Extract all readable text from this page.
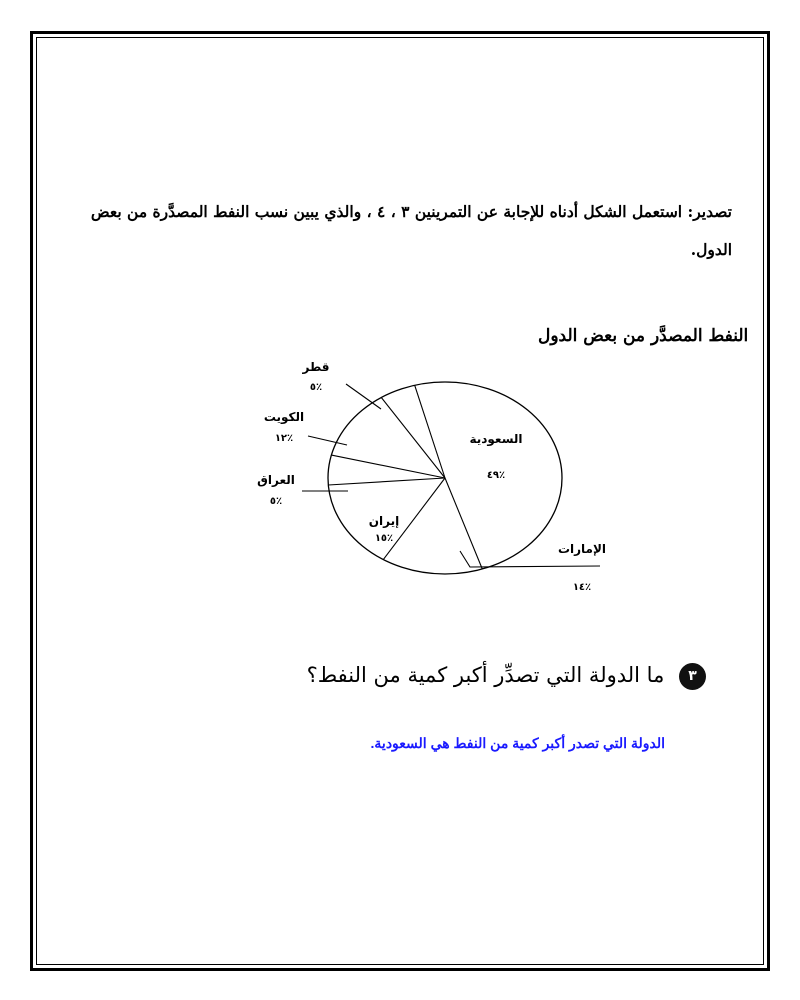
تصدير: استعمل الشكل أدناه للإجابة عن التمرينين ٣ ، ٤ ، والذي يبين نسب النفط المصدَّرة من بعض الدول.
النفط المصدَّر من بعض الدول
السعودية
٤٩٪
الإمارات
١٤٪
إيران
١٥٪
العراق
٥٪
الكويت
١٢٪
قطر
٥٪
٣ ما الدولة التي تصدِّر أكبر كمية من النفط؟
الدولة التي تصدر أكبر كمية من النفط هي السعودية.
